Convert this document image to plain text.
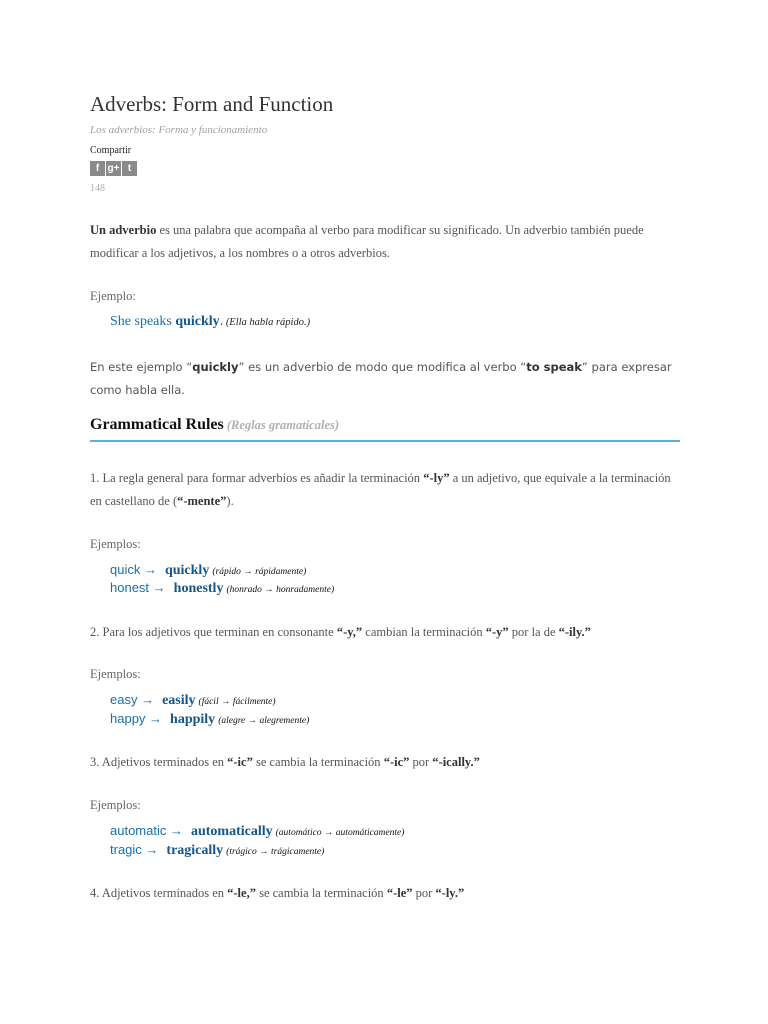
Adverbs: Form and Function
Los adverbios: Forma y funcionamiento
Compartir
f g+ t
148
Un adverbio es una palabra que acompaña al verbo para modificar su significado. Un adverbio también puede modificar a los adjetivos, a los nombres o a otros adverbios.
Ejemplo:
She speaks quickly. (Ella habla rápido.)
En este ejemplo “quickly” es un adverbio de modo que modifica al verbo “to speak” para expresar como habla ella.
Grammatical Rules (Reglas gramaticales)
1. La regla general para formar adverbios es añadir la terminación “-ly” a un adjetivo, que equivale a la terminación en castellano de (“-mente”).
Ejemplos:
quick → quickly (rápido → rápidamente)
honest → honestly (honrado → honradamente)
2. Para los adjetivos que terminan en consonante “-y,” cambian la terminación “-y” por la de “-ily.”
Ejemplos:
easy → easily (fácil → fácilmente)
happy → happily (alegre → alegremente)
3. Adjetivos terminados en “-ic” se cambia la terminación “-ic” por “-ically.”
Ejemplos:
automatic → automatically (automático → automáticamente)
tragic → tragically (trágico → trágicamente)
4. Adjetivos terminados en “-le,” se cambia la terminación “-le” por “-ly.”
